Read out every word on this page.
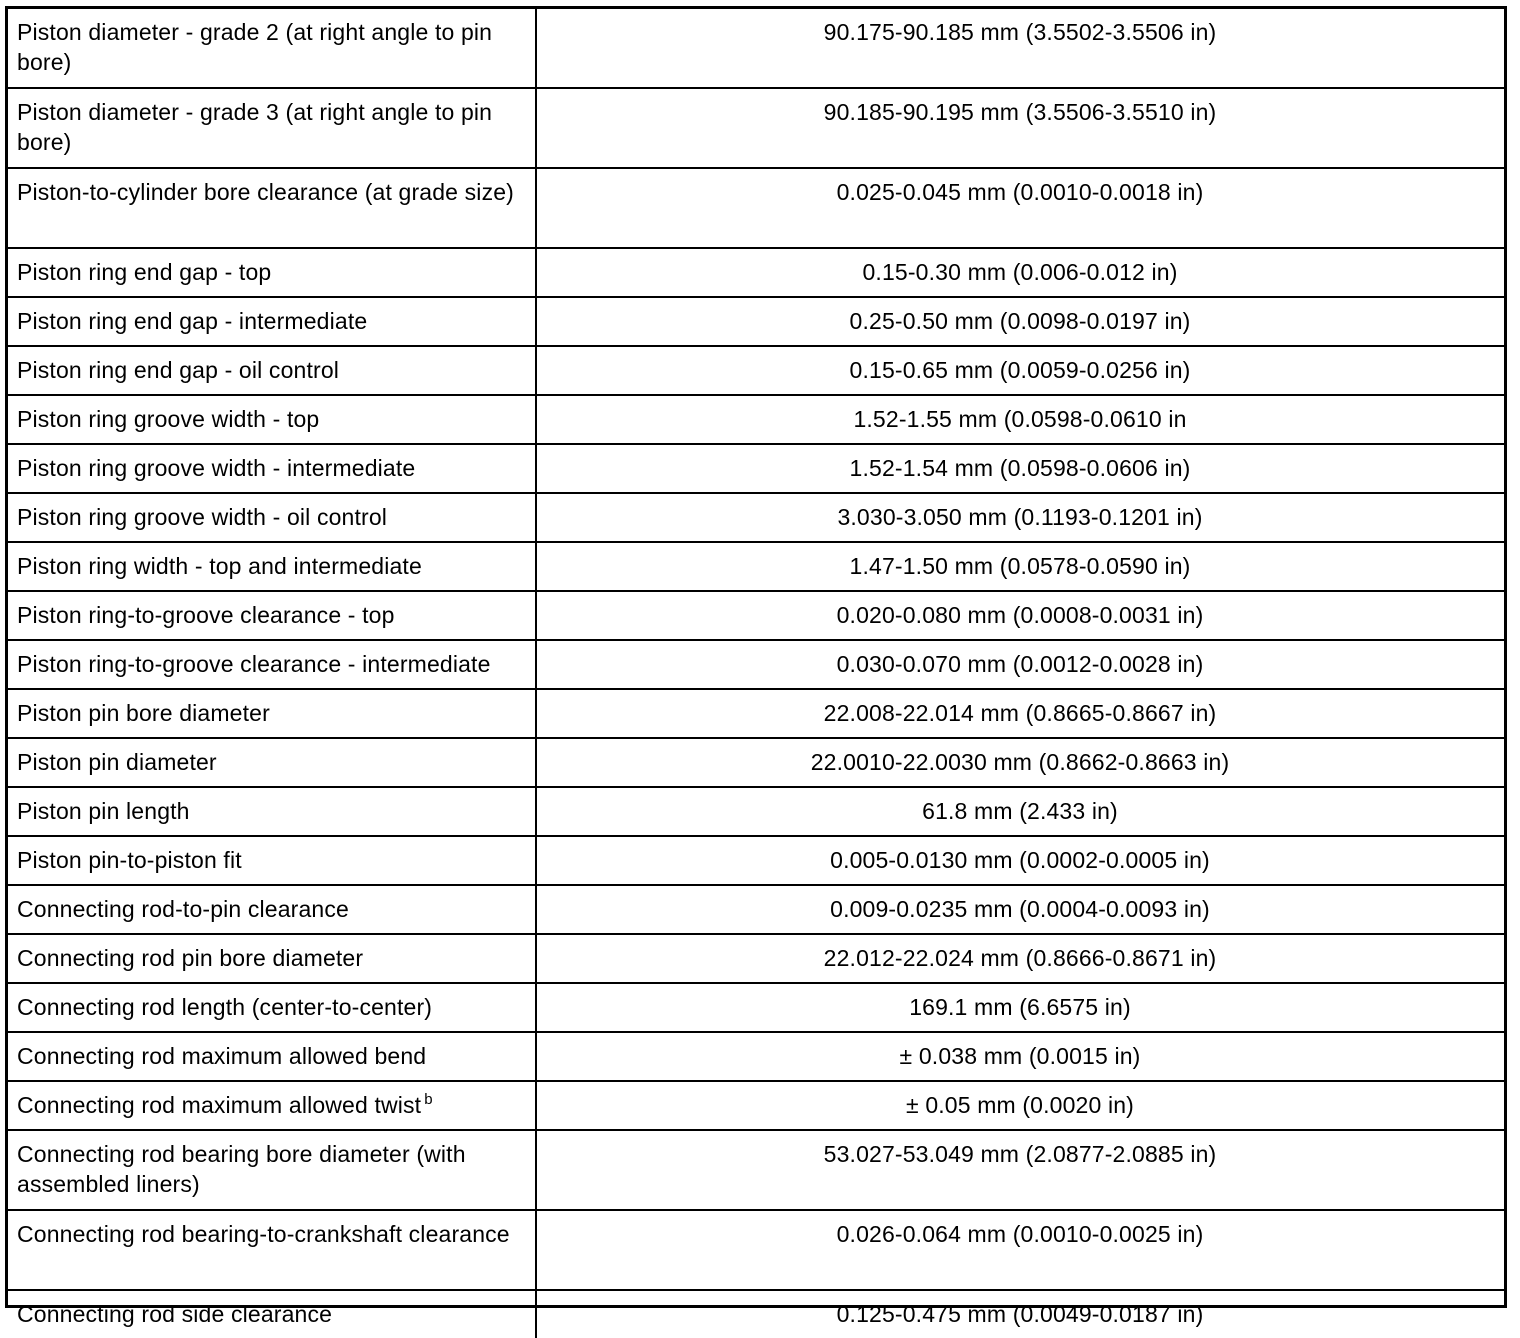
Piston diameter - grade 2 (at right angle to pin bore)	90.175-90.185 mm (3.5502-3.5506 in)
Piston diameter - grade 3 (at right angle to pin bore)	90.185-90.195 mm (3.5506-3.5510 in)
Piston-to-cylinder bore clearance (at grade size)	0.025-0.045 mm (0.0010-0.0018 in)
Piston ring end gap - top	0.15-0.30 mm (0.006-0.012 in)
Piston ring end gap - intermediate	0.25-0.50 mm (0.0098-0.0197 in)
Piston ring end gap - oil control	0.15-0.65 mm (0.0059-0.0256 in)
Piston ring groove width - top	1.52-1.55 mm (0.0598-0.0610 in
Piston ring groove width - intermediate	1.52-1.54 mm (0.0598-0.0606 in)
Piston ring groove width - oil control	3.030-3.050 mm (0.1193-0.1201 in)
Piston ring width - top and intermediate	1.47-1.50 mm (0.0578-0.0590 in)
Piston ring-to-groove clearance - top	0.020-0.080 mm (0.0008-0.0031 in)
Piston ring-to-groove clearance - intermediate	0.030-0.070 mm (0.0012-0.0028 in)
Piston pin bore diameter	22.008-22.014 mm (0.8665-0.8667 in)
Piston pin diameter	22.0010-22.0030 mm (0.8662-0.8663 in)
Piston pin length	61.8 mm (2.433 in)
Piston pin-to-piston fit	0.005-0.0130 mm (0.0002-0.0005 in)
Connecting rod-to-pin clearance	0.009-0.0235 mm (0.0004-0.0093 in)
Connecting rod pin bore diameter	22.012-22.024 mm (0.8666-0.8671 in)
Connecting rod length (center-to-center)	169.1 mm (6.6575 in)
Connecting rod maximum allowed bend	± 0.038 mm (0.0015 in)
Connecting rod maximum allowed twist $^b$	± 0.05 mm (0.0020 in)
Connecting rod bearing bore diameter (with assembled liners)	53.027-53.049 mm (2.0877-2.0885 in)
Connecting rod bearing-to-crankshaft clearance	0.026-0.064 mm (0.0010-0.0025 in)
Connecting rod side clearance	0.125-0.475 mm (0.0049-0.0187 in)
